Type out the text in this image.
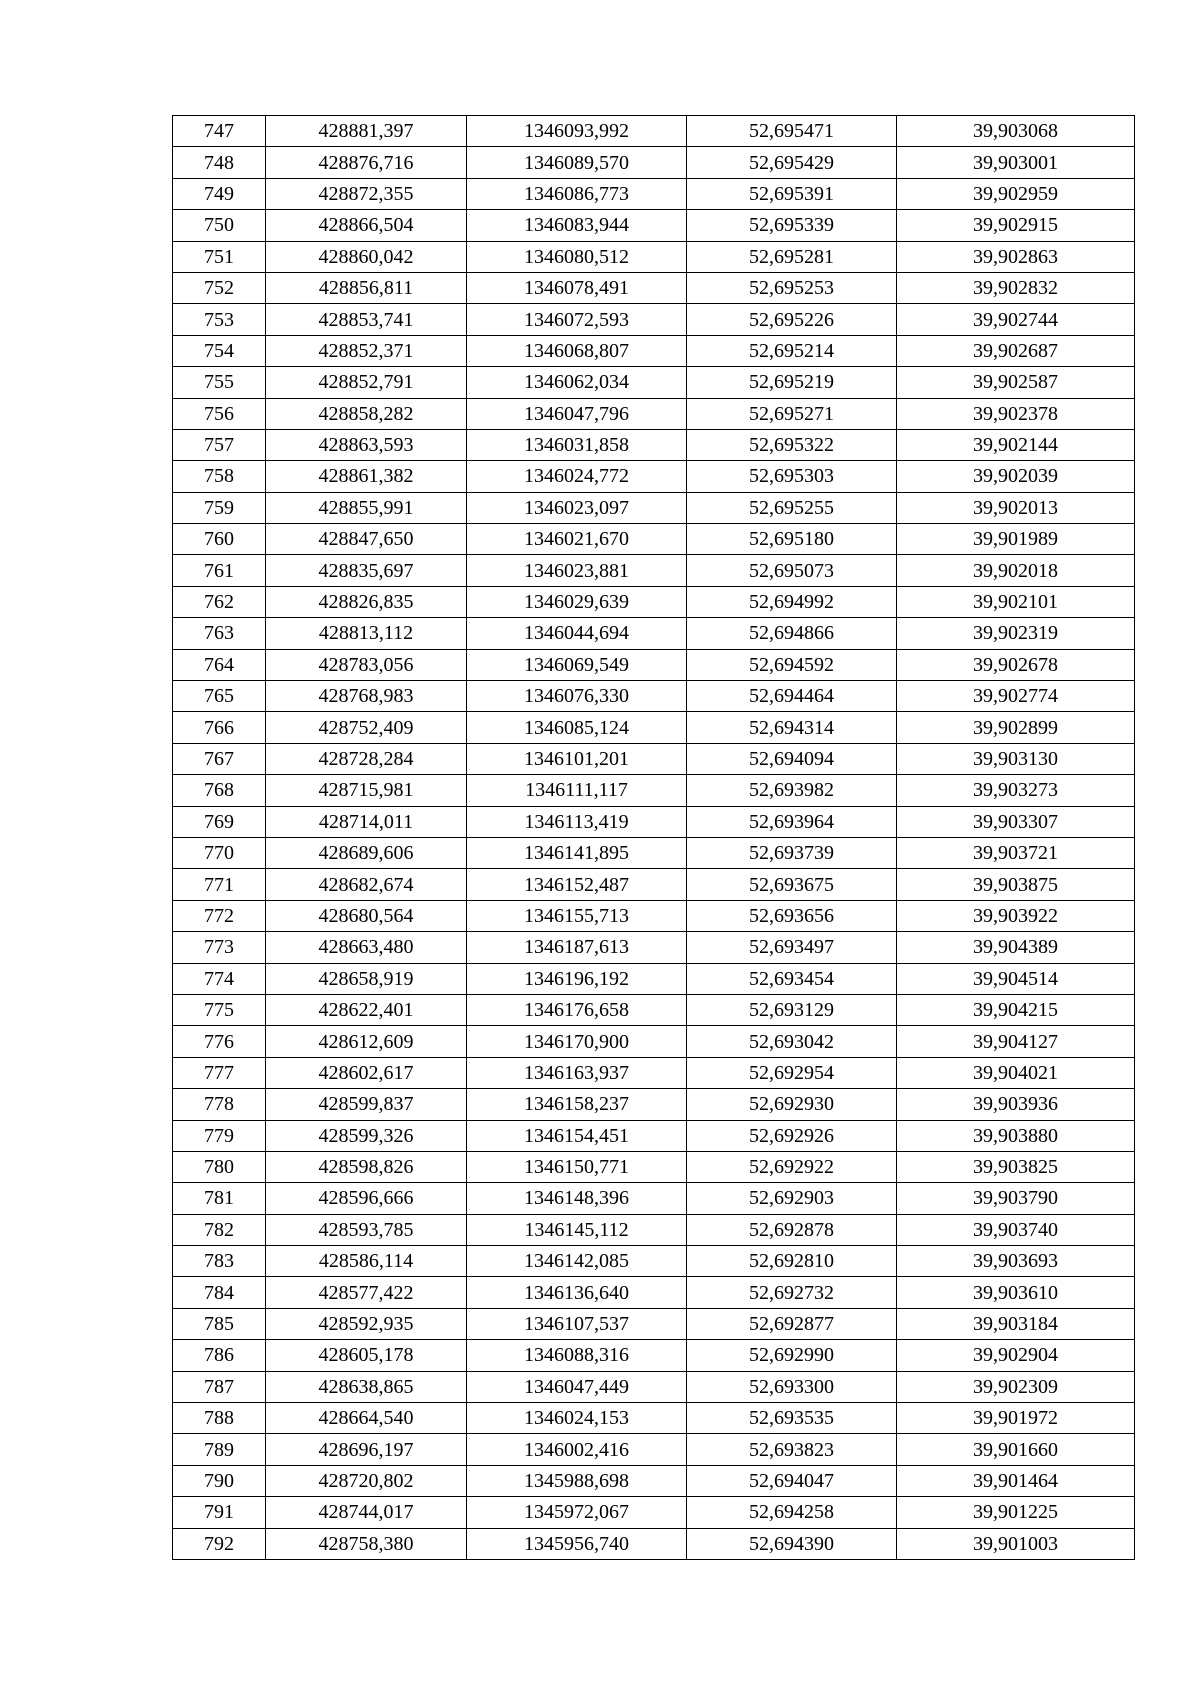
747	428881,397	1346093,992	52,695471	39,903068
748	428876,716	1346089,570	52,695429	39,903001
749	428872,355	1346086,773	52,695391	39,902959
750	428866,504	1346083,944	52,695339	39,902915
751	428860,042	1346080,512	52,695281	39,902863
752	428856,811	1346078,491	52,695253	39,902832
753	428853,741	1346072,593	52,695226	39,902744
754	428852,371	1346068,807	52,695214	39,902687
755	428852,791	1346062,034	52,695219	39,902587
756	428858,282	1346047,796	52,695271	39,902378
757	428863,593	1346031,858	52,695322	39,902144
758	428861,382	1346024,772	52,695303	39,902039
759	428855,991	1346023,097	52,695255	39,902013
760	428847,650	1346021,670	52,695180	39,901989
761	428835,697	1346023,881	52,695073	39,902018
762	428826,835	1346029,639	52,694992	39,902101
763	428813,112	1346044,694	52,694866	39,902319
764	428783,056	1346069,549	52,694592	39,902678
765	428768,983	1346076,330	52,694464	39,902774
766	428752,409	1346085,124	52,694314	39,902899
767	428728,284	1346101,201	52,694094	39,903130
768	428715,981	1346111,117	52,693982	39,903273
769	428714,011	1346113,419	52,693964	39,903307
770	428689,606	1346141,895	52,693739	39,903721
771	428682,674	1346152,487	52,693675	39,903875
772	428680,564	1346155,713	52,693656	39,903922
773	428663,480	1346187,613	52,693497	39,904389
774	428658,919	1346196,192	52,693454	39,904514
775	428622,401	1346176,658	52,693129	39,904215
776	428612,609	1346170,900	52,693042	39,904127
777	428602,617	1346163,937	52,692954	39,904021
778	428599,837	1346158,237	52,692930	39,903936
779	428599,326	1346154,451	52,692926	39,903880
780	428598,826	1346150,771	52,692922	39,903825
781	428596,666	1346148,396	52,692903	39,903790
782	428593,785	1346145,112	52,692878	39,903740
783	428586,114	1346142,085	52,692810	39,903693
784	428577,422	1346136,640	52,692732	39,903610
785	428592,935	1346107,537	52,692877	39,903184
786	428605,178	1346088,316	52,692990	39,902904
787	428638,865	1346047,449	52,693300	39,902309
788	428664,540	1346024,153	52,693535	39,901972
789	428696,197	1346002,416	52,693823	39,901660
790	428720,802	1345988,698	52,694047	39,901464
791	428744,017	1345972,067	52,694258	39,901225
792	428758,380	1345956,740	52,694390	39,901003
